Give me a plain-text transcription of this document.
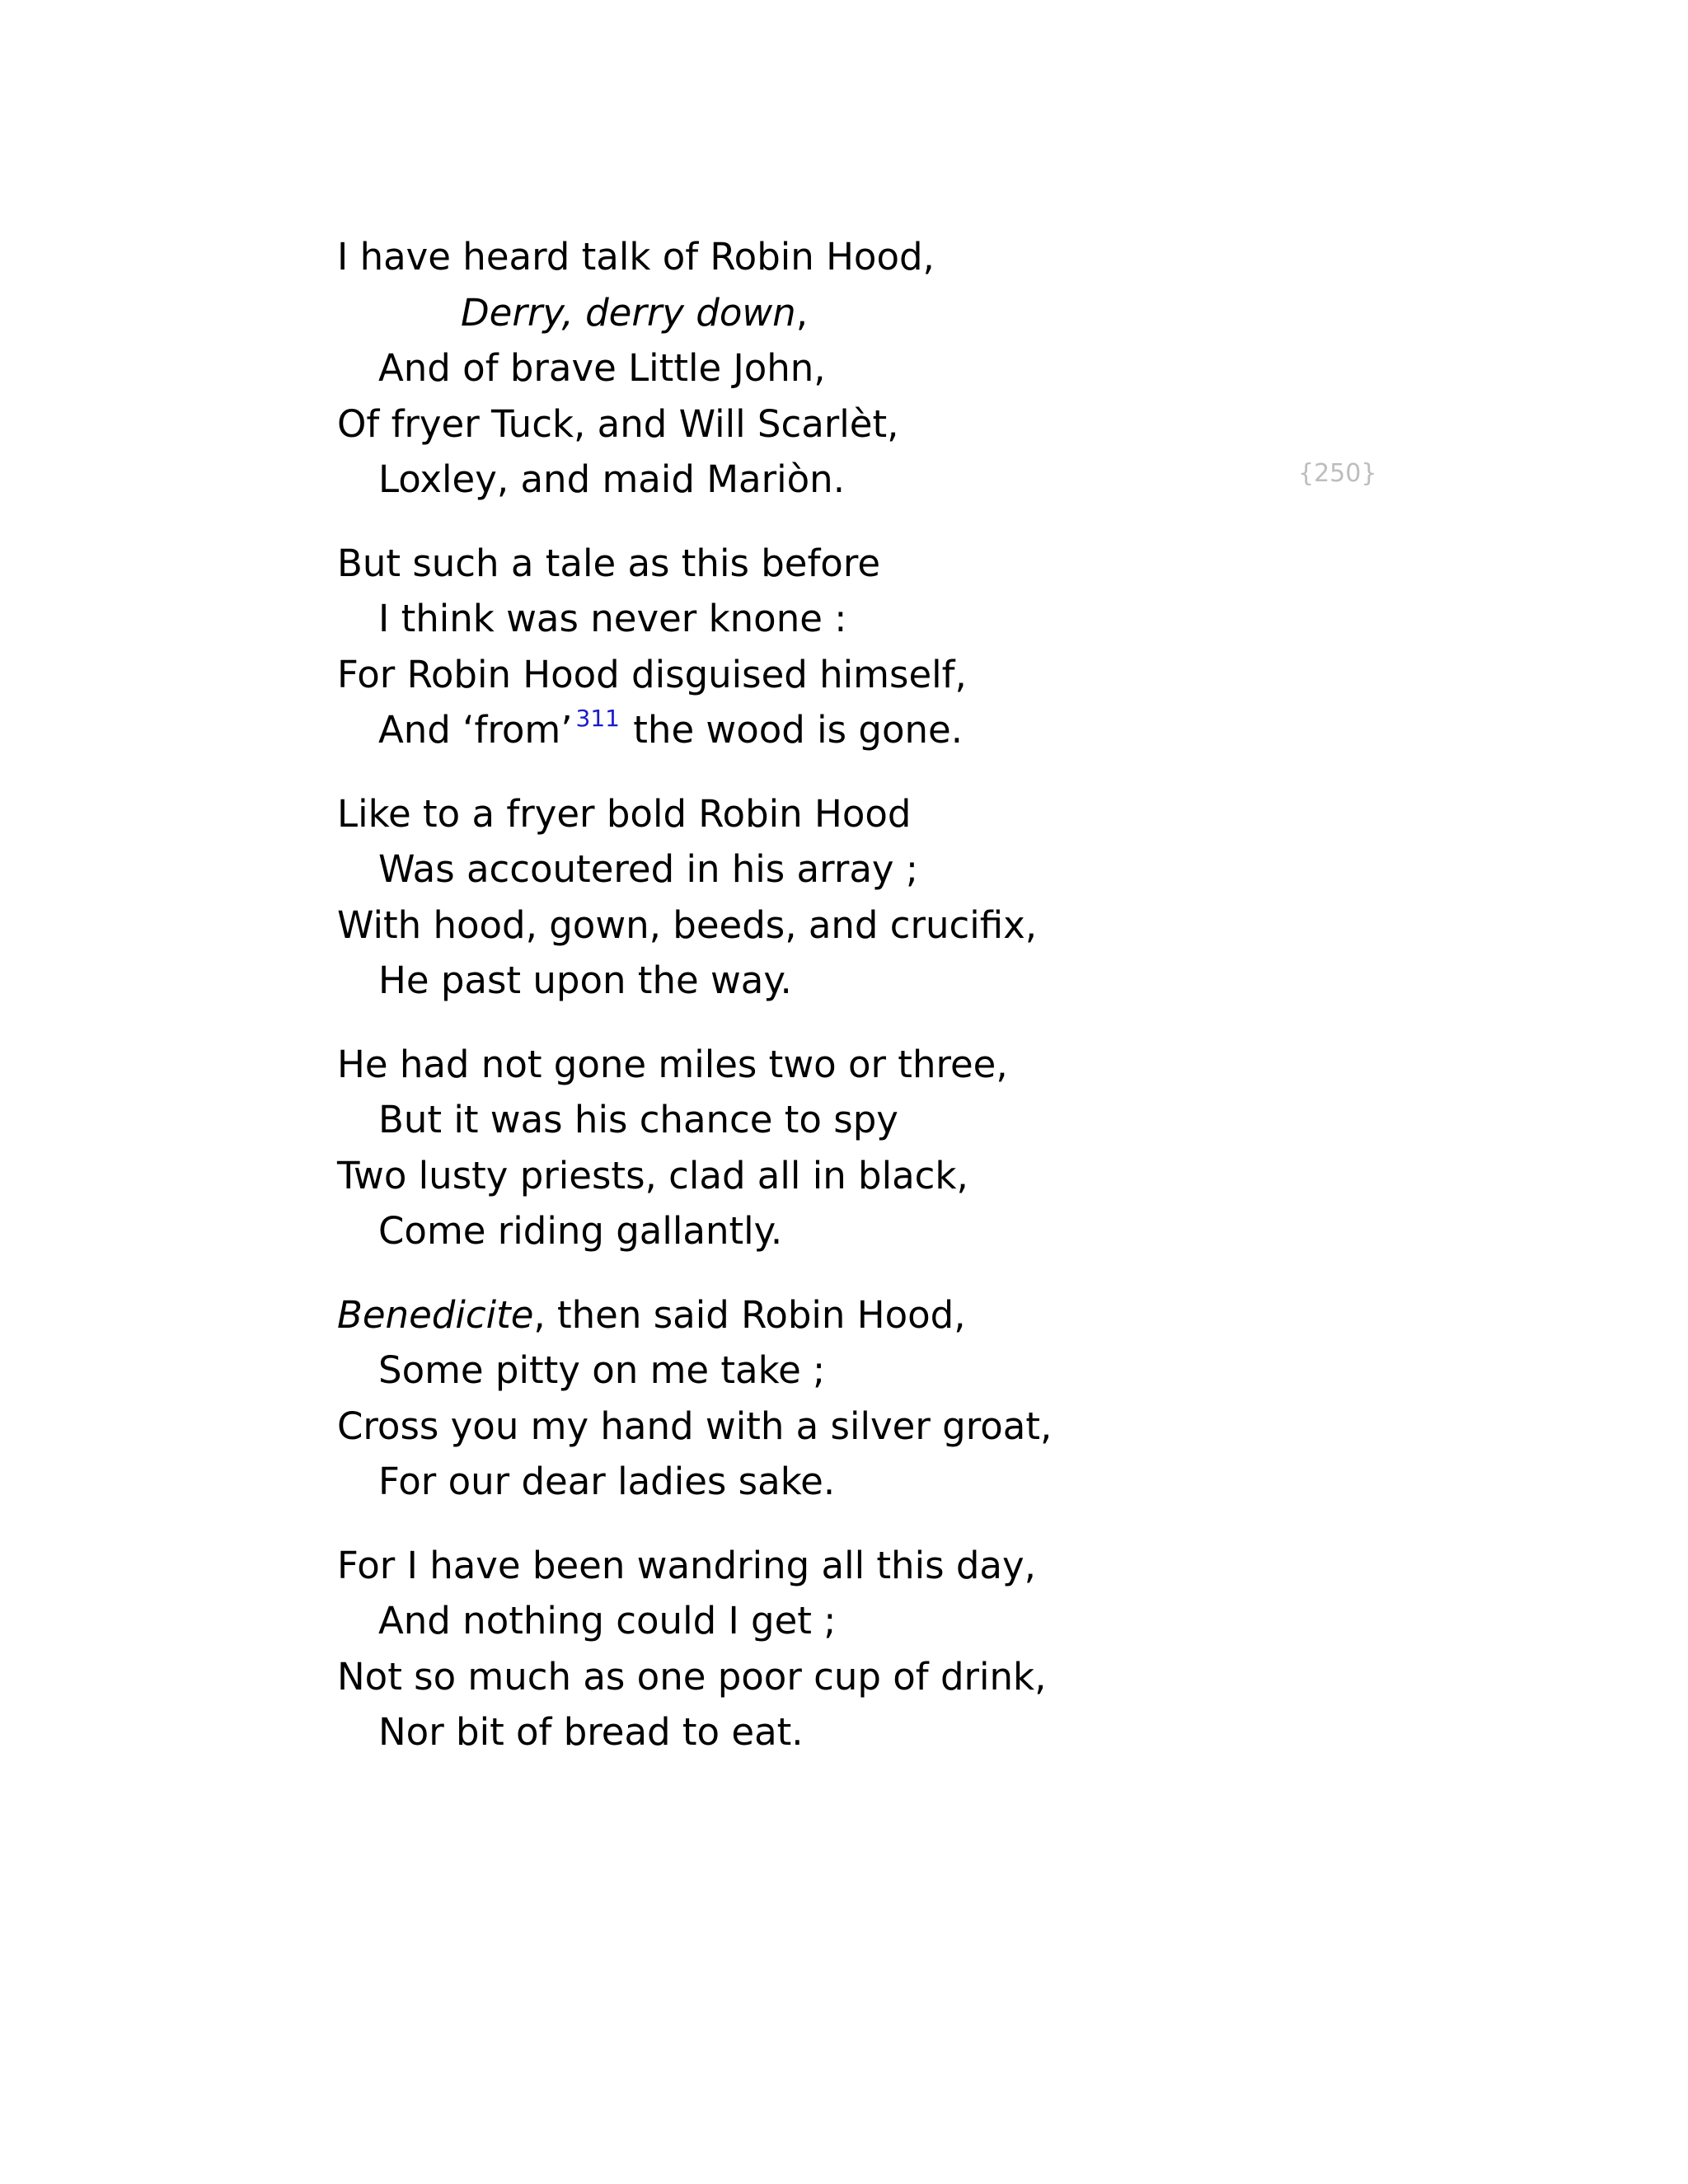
I have heard talk of Robin Hood,
Derry, derry down,
And of brave Little John,
Of fryer Tuck, and Will Scarlèt,
Loxley, and maid Mariòn.
But such a tale as this before
I think was never knone :
For Robin Hood disguised himself,
And ‘from’ $^{311}$ the wood is gone.
Like to a fryer bold Robin Hood
Was accoutered in his array ;
With hood, gown, beeds, and crucifix,
He past upon the way.
He had not gone miles two or three,
But it was his chance to spy
Two lusty priests, clad all in black,
Come riding gallantly.
Benedicite, then said Robin Hood,
Some pitty on me take ;
Cross you my hand with a silver groat,
For our dear ladies sake.
For I have been wandring all this day,
And nothing could I get ;
Not so much as one poor cup of drink,
Nor bit of bread to eat.
{250}
